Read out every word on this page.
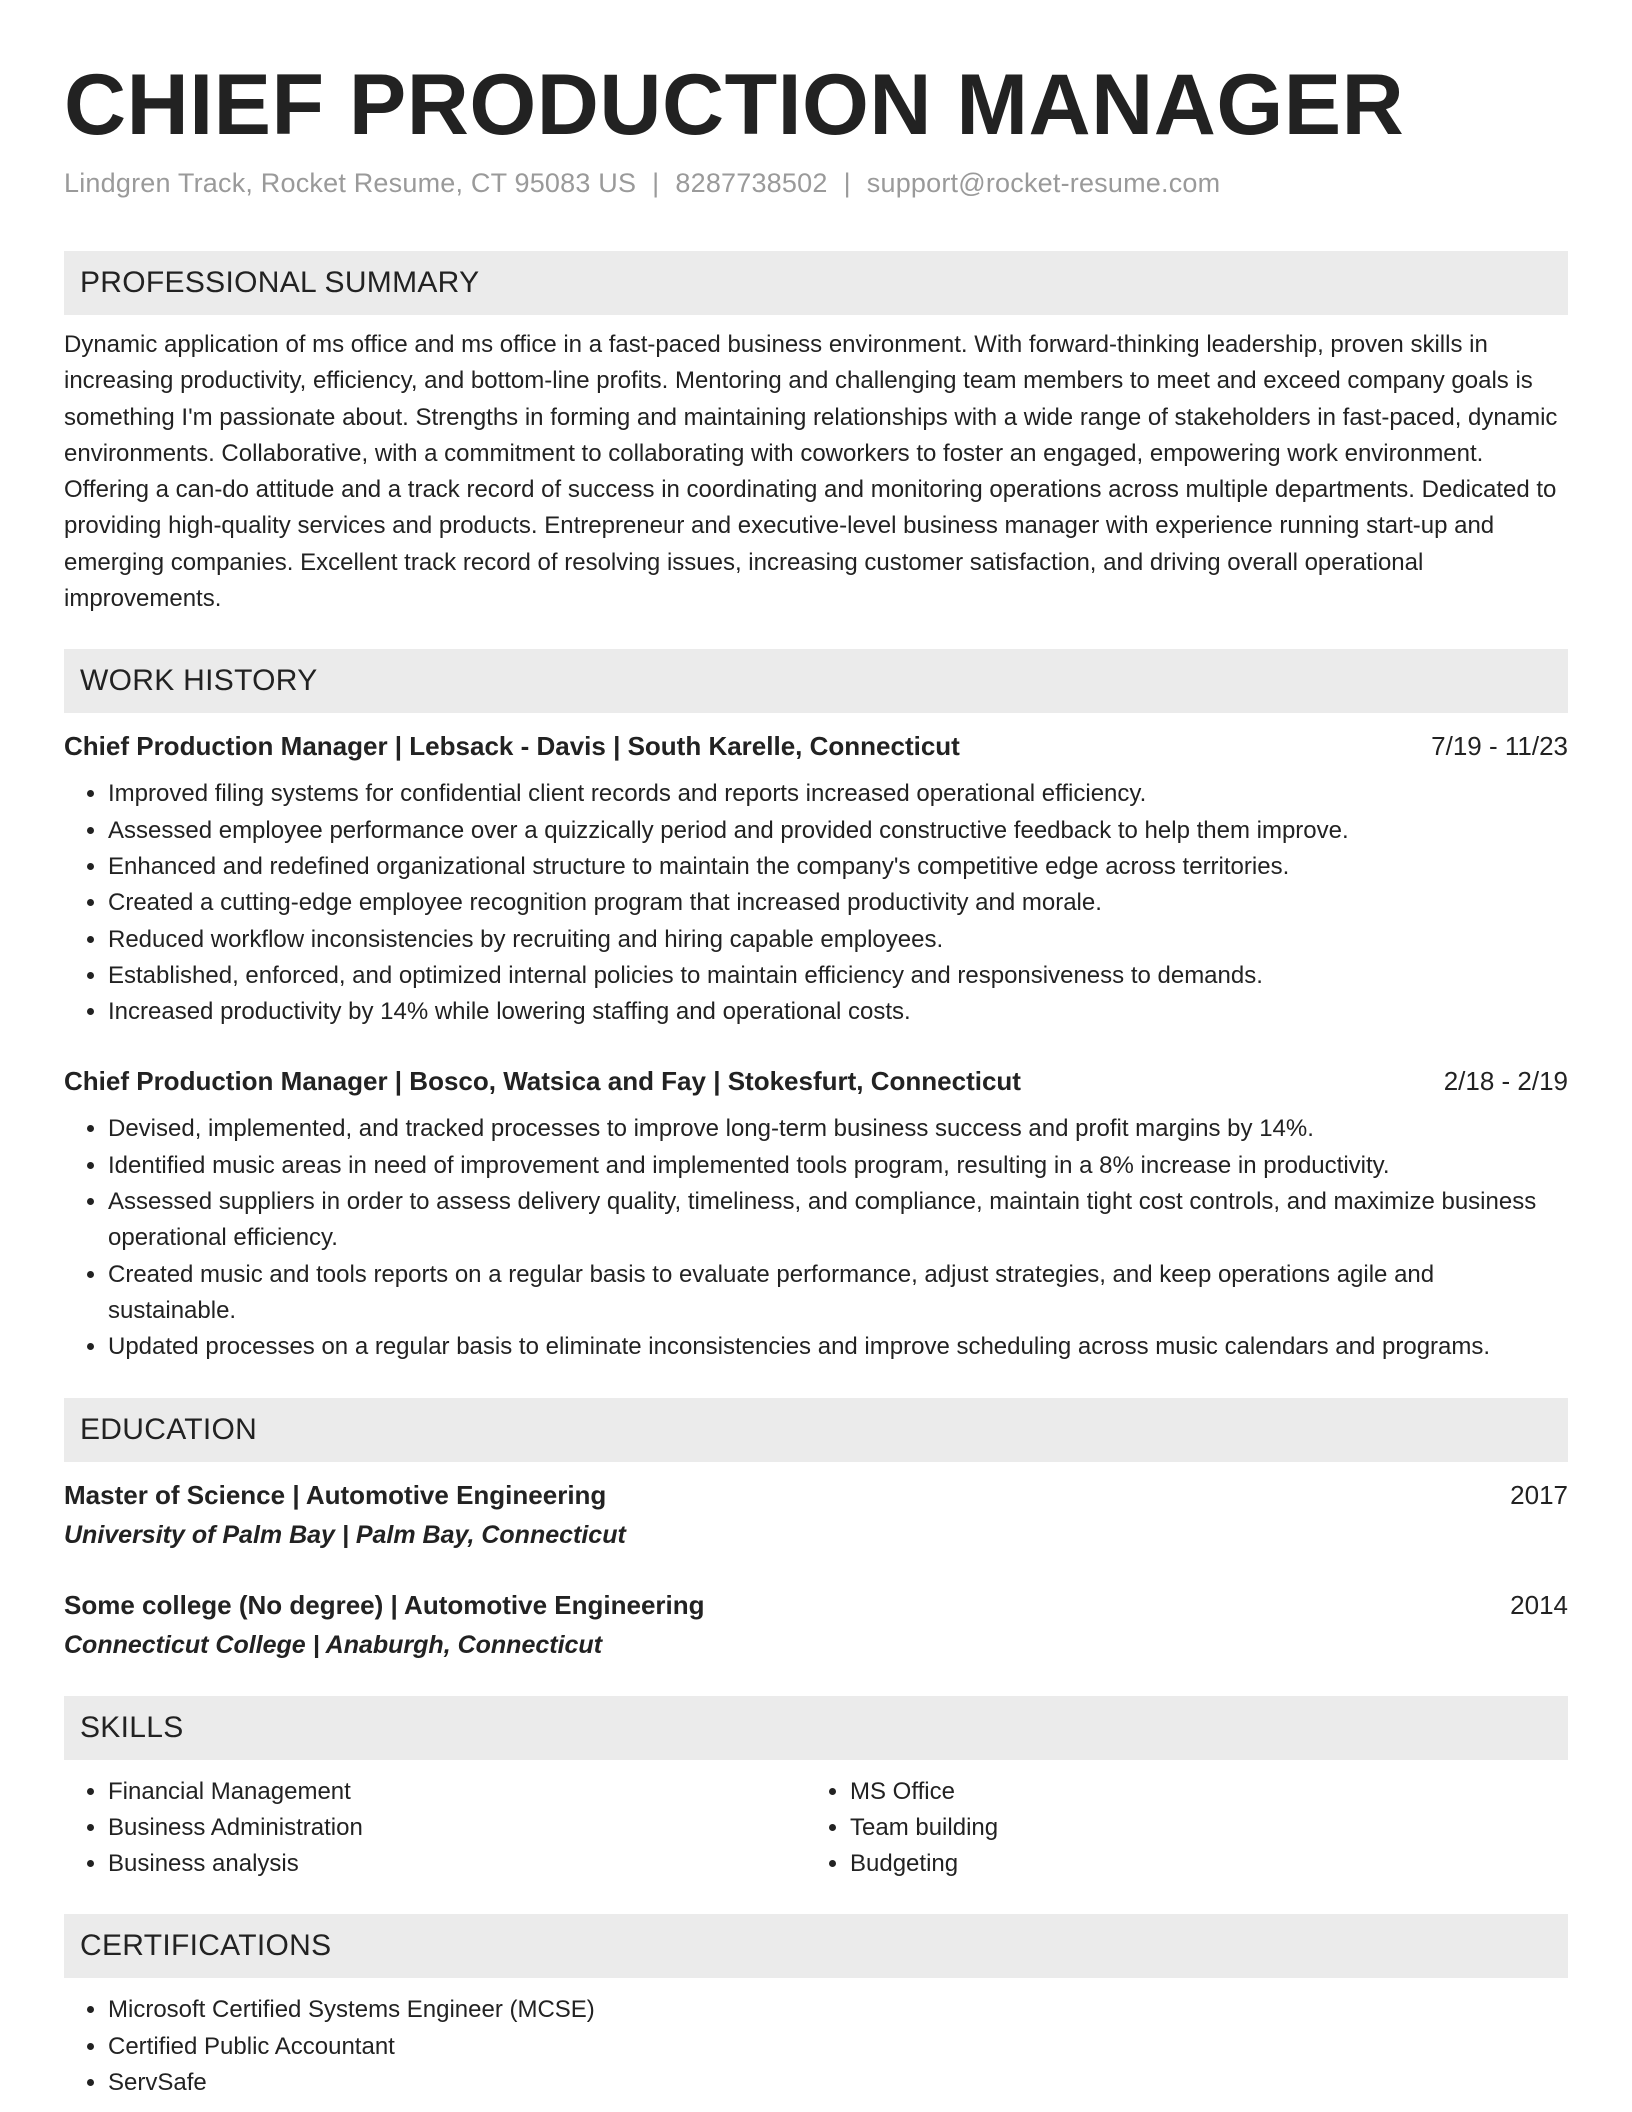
CHIEF PRODUCTION MANAGER
Lindgren Track, Rocket Resume, CT 95083 US | 8287738502 | support@rocket-resume.com
PROFESSIONAL SUMMARY
Dynamic application of ms office and ms office in a fast-paced business environment. With forward-thinking leadership, proven skills in increasing productivity, efficiency, and bottom-line profits. Mentoring and challenging team members to meet and exceed company goals is something I'm passionate about. Strengths in forming and maintaining relationships with a wide range of stakeholders in fast-paced, dynamic environments. Collaborative, with a commitment to collaborating with coworkers to foster an engaged, empowering work environment. Offering a can-do attitude and a track record of success in coordinating and monitoring operations across multiple departments. Dedicated to providing high-quality services and products. Entrepreneur and executive-level business manager with experience running start-up and emerging companies. Excellent track record of resolving issues, increasing customer satisfaction, and driving overall operational improvements.
WORK HISTORY
Chief Production Manager | Lebsack - Davis | South Karelle, Connecticut	7/19 - 11/23
• Improved filing systems for confidential client records and reports increased operational efficiency.
• Assessed employee performance over a quizzically period and provided constructive feedback to help them improve.
• Enhanced and redefined organizational structure to maintain the company's competitive edge across territories.
• Created a cutting-edge employee recognition program that increased productivity and morale.
• Reduced workflow inconsistencies by recruiting and hiring capable employees.
• Established, enforced, and optimized internal policies to maintain efficiency and responsiveness to demands.
• Increased productivity by 14% while lowering staffing and operational costs.
Chief Production Manager | Bosco, Watsica and Fay | Stokesfurt, Connecticut	2/18 - 2/19
• Devised, implemented, and tracked processes to improve long-term business success and profit margins by 14%.
• Identified music areas in need of improvement and implemented tools program, resulting in a 8% increase in productivity.
• Assessed suppliers in order to assess delivery quality, timeliness, and compliance, maintain tight cost controls, and maximize business operational efficiency.
• Created music and tools reports on a regular basis to evaluate performance, adjust strategies, and keep operations agile and sustainable.
• Updated processes on a regular basis to eliminate inconsistencies and improve scheduling across music calendars and programs.
EDUCATION
Master of Science | Automotive Engineering	2017
University of Palm Bay | Palm Bay, Connecticut
Some college (No degree) | Automotive Engineering	2014
Connecticut College | Anaburgh, Connecticut
SKILLS
• Financial Management
• Business Administration
• Business analysis
• MS Office
• Team building
• Budgeting
CERTIFICATIONS
• Microsoft Certified Systems Engineer (MCSE)
• Certified Public Accountant
• ServSafe
